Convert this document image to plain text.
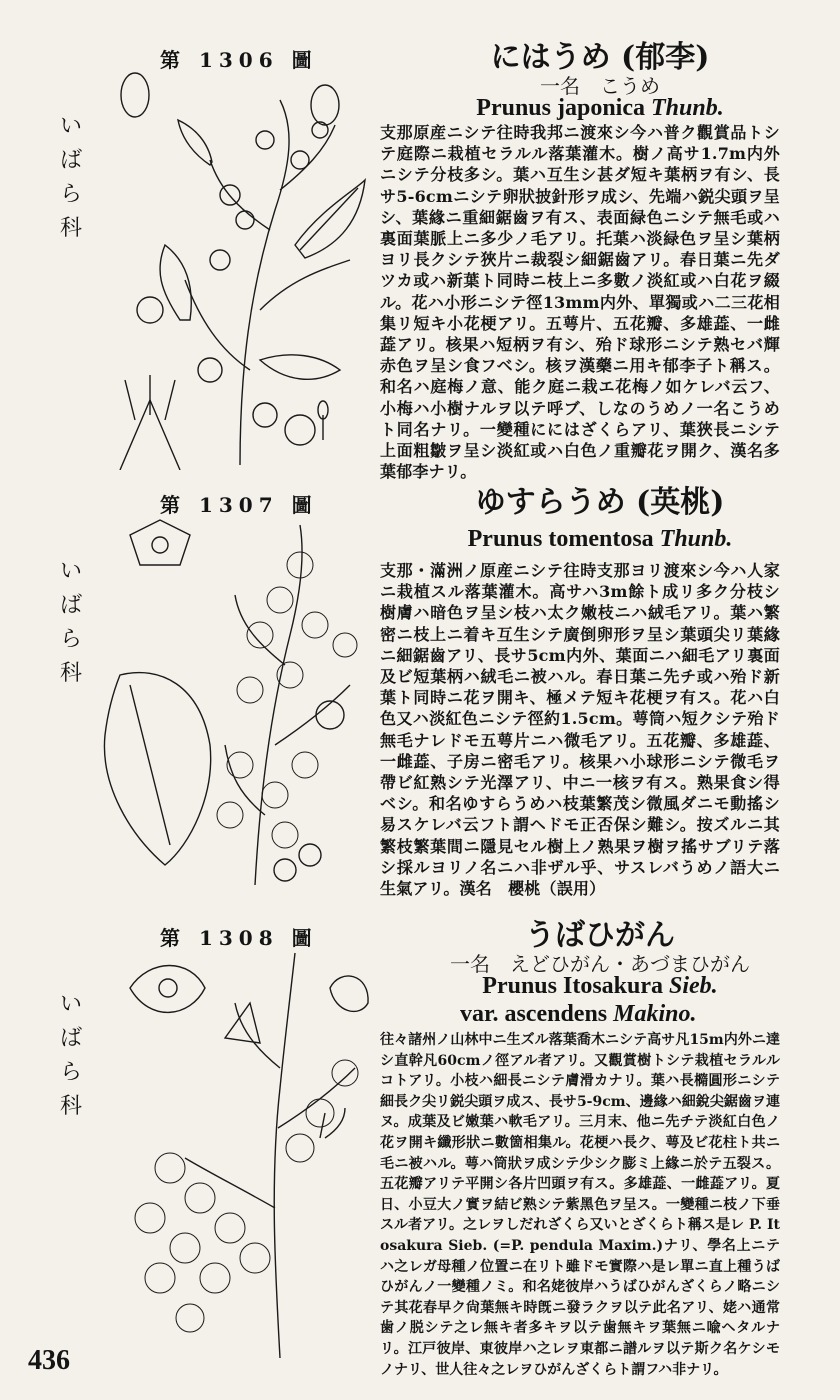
第 1306 圖
い
ば
ら
科
にはうめ (郁李)
一名　こうめ
Prunus japonica Thunb.
支那原産ニシテ往時我邦ニ渡來シ今ハ普ク觀賞品トシテ庭際ニ栽植セラルル落葉灌木。樹ノ高サ1.7m内外ニシテ分枝多シ。葉ハ互生シ甚ダ短キ葉柄ヲ有シ、長サ5-6cmニシテ卵狀披針形ヲ成シ、先端ハ鋭尖頭ヲ呈シ、葉緣ニ重細鋸齒ヲ有ス、表面緑色ニシテ無毛或ハ裏面葉脈上ニ多少ノ毛アリ。托葉ハ淡緑色ヲ呈シ葉柄ヨリ長クシテ狹片ニ裁裂シ細鋸齒アリ。春日葉ニ先ダツカ或ハ新葉ト同時ニ枝上ニ多數ノ淡紅或ハ白花ヲ綴ル。花ハ小形ニシテ徑13mm内外、單獨或ハ二三花相集リ短キ小花梗アリ。五萼片、五花瓣、多雄蕋、一雌蕋アリ。核果ハ短柄ヲ有シ、殆ド球形ニシテ熟セバ輝赤色ヲ呈シ食フベシ。核ヲ漢藥ニ用キ郁李子ト稱ス。和名ハ庭梅ノ意、能ク庭ニ栽エ花梅ノ如ケレバ云フ、小梅ハ小樹ナルヲ以テ呼ブ、しなのうめノ一名こうめト同名ナリ。一變種ににはざくらアリ、葉狹長ニシテ上面粗皺ヲ呈シ淡紅或ハ白色ノ重瓣花ヲ開ク、漢名多葉郁李ナリ。
第 1307 圖
い
ば
ら
科
ゆすらうめ (英桃)
Prunus tomentosa Thunb.
支那・滿洲ノ原産ニシテ往時支那ヨリ渡來シ今ハ人家ニ栽植スル落葉灌木。高サハ3m餘ト成リ多ク分枝シ樹膚ハ暗色ヲ呈シ枝ハ太ク嫩枝ニハ絨毛アリ。葉ハ繁密ニ枝上ニ着キ互生シテ廣倒卵形ヲ呈シ葉頭尖リ葉緣ニ細鋸齒アリ、長サ5cm内外、葉面ニハ細毛アリ裏面及ビ短葉柄ハ絨毛ニ被ハル。春日葉ニ先チ或ハ殆ド新葉ト同時ニ花ヲ開キ、極メテ短キ花梗ヲ有ス。花ハ白色又ハ淡紅色ニシテ徑約1.5cm。萼筒ハ短クシテ殆ド無毛ナレドモ五萼片ニハ微毛アリ。五花瓣、多雄蕋、一雌蕋、子房ニ密毛アリ。核果ハ小球形ニシテ微毛ヲ帶ビ紅熟シテ光澤アリ、中ニ一核ヲ有ス。熟果食シ得ベシ。和名ゆすらうめハ枝葉繁茂シ微風ダニモ動搖シ易スケレバ云フト謂ヘドモ正否保シ難シ。按ズルニ其繁枝繁葉間ニ隱見セル樹上ノ熟果ヲ樹ヲ搖サブリテ落シ採ルヨリノ名ニハ非ザル乎、サスレバうめノ語大ニ生氣アリ。漢名　櫻桃（誤用）
第 1308 圖
い
ば
ら
科
うばひがん
一名　えどひがん・あづまひがん
Prunus Itosakura Sieb.
var. ascendens Makino.
往々諸州ノ山林中ニ生ズル落葉喬木ニシテ高サ凡15m内外ニ達シ直幹凡60cmノ徑アル者アリ。又觀賞樹トシテ栽植セラルルコトアリ。小枝ハ細長ニシテ膚滑カナリ。葉ハ長橢圓形ニシテ細長ク尖リ鋭尖頭ヲ成ス、長サ5-9cm、邊緣ハ細銳尖鋸齒ヲ連ヌ。成葉及ビ嫩葉ハ軟毛アリ。三月末、他ニ先チテ淡紅白色ノ花ヲ開キ纖形狀ニ數箇相集ル。花梗ハ長ク、萼及ビ花柱ト共ニ毛ニ被ハル。萼ハ筒狀ヲ成シテ少シク膨ミ上緣ニ於テ五裂ス。五花瓣アリテ平開シ各片凹頭ヲ有ス。多雄蕋、一雌蕋アリ。夏日、小豆大ノ實ヲ結ビ熟シテ紫黑色ヲ呈ス。一變種ニ枝ノ下垂スル者アリ。之レヲしだれざくら又いとざくらト稱ス是レ P. Itosakura Sieb. (=P. pendula Maxim.)ナリ、學名上ニテハ之レガ母種ノ位置ニ在リト雖ドモ實際ハ是レ單ニ直上種うばひがんノ一變種ノミ。和名姥彼岸ハうばひがんざくらノ略ニシテ其花春早ク尙葉無キ時旣ニ發ラクヲ以テ此名アリ、姥ハ通常歯ノ脱シテ之レ無キ者多キヲ以テ歯無キヲ葉無ニ喩ヘタルナリ。江戸彼岸、東彼岸ハ之レヲ東都ニ譜ルヲ以テ斯ク名ケシモノナリ、世人往々之レヲひがんざくらト謂フハ非ナリ。
436
